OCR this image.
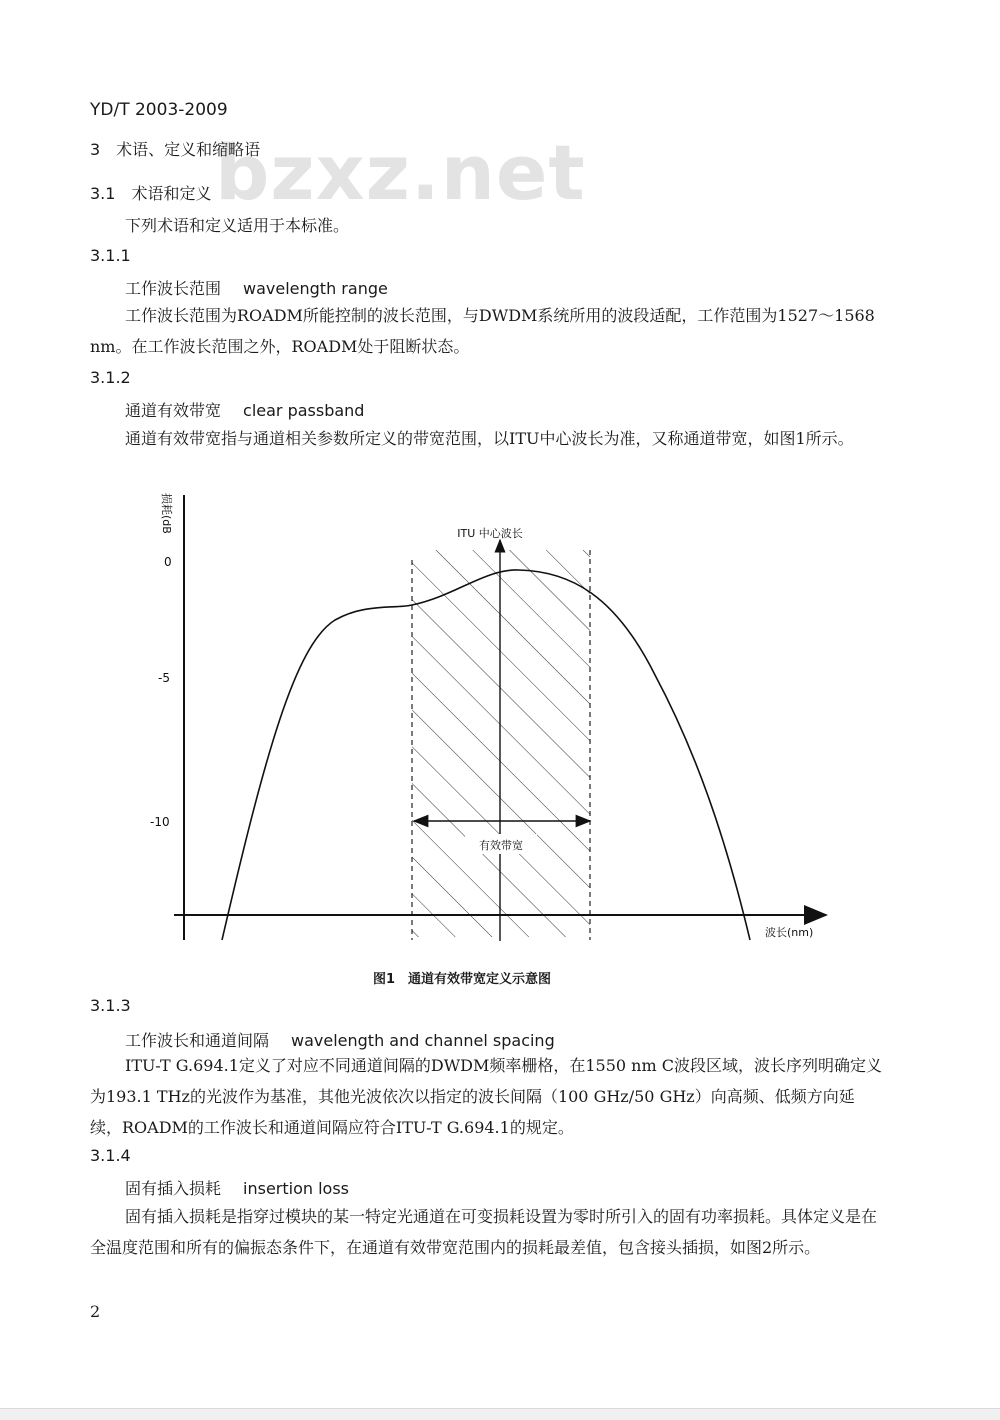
YD/T 2003-2009
bzxz.net
3　术语、定义和缩略语
3.1　术语和定义
下列术语和定义适用于本标准。
3.1.1
工作波长范围 wavelength range
工作波长范围为ROADM所能控制的波长范围，与DWDM系统所用的波段适配，工作范围为1527～1568 nm。在工作波长范围之外，ROADM处于阻断状态。
3.1.2
通道有效带宽 clear passband
通道有效带宽指与通道相关参数所定义的带宽范围，以ITU中心波长为准，又称通道带宽，如图1所示。
损耗(dB
0
-5
-10
ITU 中心波长
有效带宽
波长(nm)
图1　通道有效带宽定义示意图
3.1.3
工作波长和通道间隔 wavelength and channel spacing
ITU-T G.694.1定义了对应不同通道间隔的DWDM频率栅格，在1550 nm C波段区域，波长序列明确定义为193.1 THz的光波作为基准，其他光波依次以指定的波长间隔（100 GHz/50 GHz）向高频、低频方向延续，ROADM的工作波长和通道间隔应符合ITU-T G.694.1的规定。
3.1.4
固有插入损耗 insertion loss
固有插入损耗是指穿过模块的某一特定光通道在可变损耗设置为零时所引入的固有功率损耗。具体定义是在全温度范围和所有的偏振态条件下，在通道有效带宽范围内的损耗最差值，包含接头插损，如图2所示。
2
